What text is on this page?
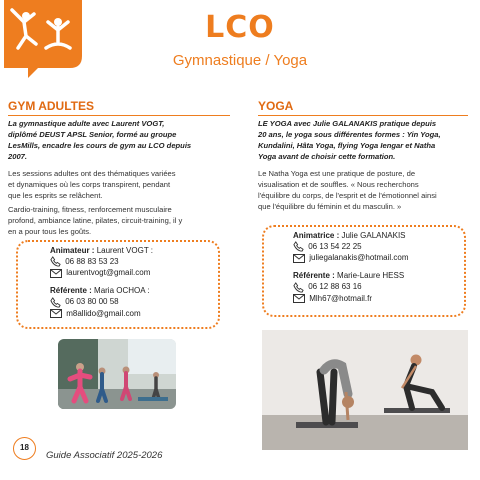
LCO
Gymnastique / Yoga
GYM ADULTES
La gymnastique adulte avec Laurent VOGT,
diplômé DEUST APSL Senior, formé au groupe
LesMills, encadre les cours de gym au LCO depuis
2007.
Les sessions adultes ont des thématiques variées
et dynamiques où les corps transpirent, pendant
que les esprits se relâchent.
Cardio-training, fitness, renforcement musculaire
profond, ambiance latine, pilates, circuit-training, il y
en a pour tous les goûts.
Animateur : Laurent VOGT :
06 88 83 53 23
laurentvogt@gmail.com
Référente : Maria OCHOA :
06 03 80 00 58
m8allido@gmail.com
YOGA
LE YOGA avec Julie GALANAKIS pratique depuis
20 ans, le yoga sous différentes formes : Yin Yoga,
Kundalini, Hâta Yoga, flying Yoga Iengar et Natha
Yoga avant de choisir cette formation.
Le Natha Yoga est une pratique de posture, de
visualisation et de souffles. « Nous recherchons
l'équilibre du corps, de l'esprit et de l'émotionnel ainsi
que l'équilibre du féminin et du masculin. »
Animatrice : Julie GALANAKIS
06 13 54 22 25
juliegalanakis@hotmail.com
Référente : Marie-Laure HESS
06 12 88 63 16
Mlh67@hotmail.fr
18
Guide Associatif 2025-2026
